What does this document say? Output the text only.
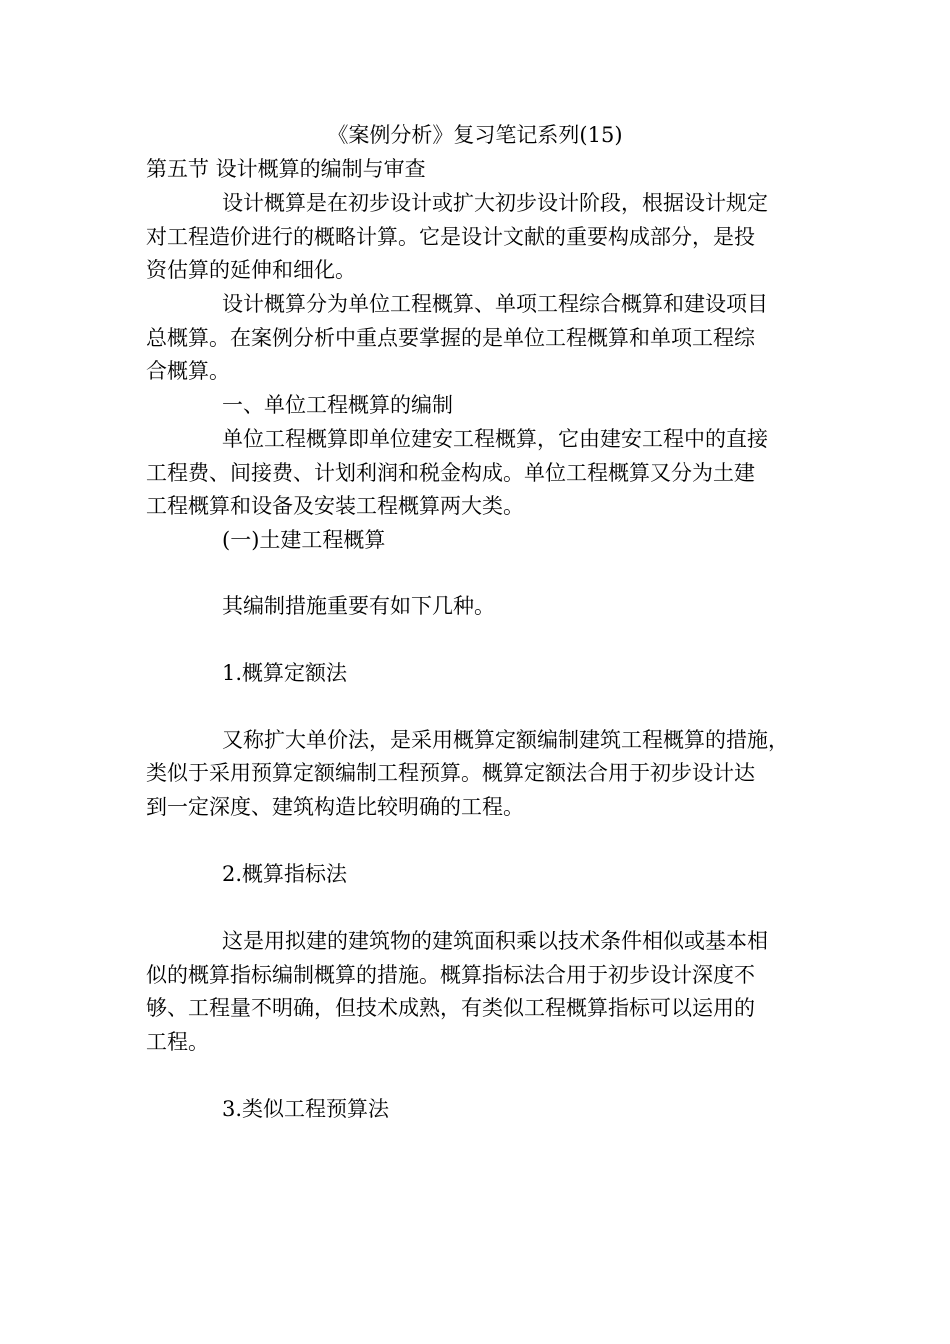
《案例分析》复习笔记系列(15)
第五节 设计概算的编制与审查
设计概算是在初步设计或扩大初步设计阶段，根据设计规定
对工程造价进行的概略计算。它是设计文献的重要构成部分，是投
资估算的延伸和细化。
设计概算分为单位工程概算、单项工程综合概算和建设项目
总概算。在案例分析中重点要掌握的是单位工程概算和单项工程综
合概算。
一、单位工程概算的编制
单位工程概算即单位建安工程概算，它由建安工程中的直接
工程费、间接费、计划利润和税金构成。单位工程概算又分为土建
工程概算和设备及安装工程概算两大类。
(一)土建工程概算
其编制措施重要有如下几种。
1.概算定额法
又称扩大单价法，是采用概算定额编制建筑工程概算的措施，
类似于采用预算定额编制工程预算。概算定额法合用于初步设计达
到一定深度、建筑构造比较明确的工程。
2.概算指标法
这是用拟建的建筑物的建筑面积乘以技术条件相似或基本相
似的概算指标编制概算的措施。概算指标法合用于初步设计深度不
够、工程量不明确，但技术成熟，有类似工程概算指标可以运用的
工程。
3.类似工程预算法
